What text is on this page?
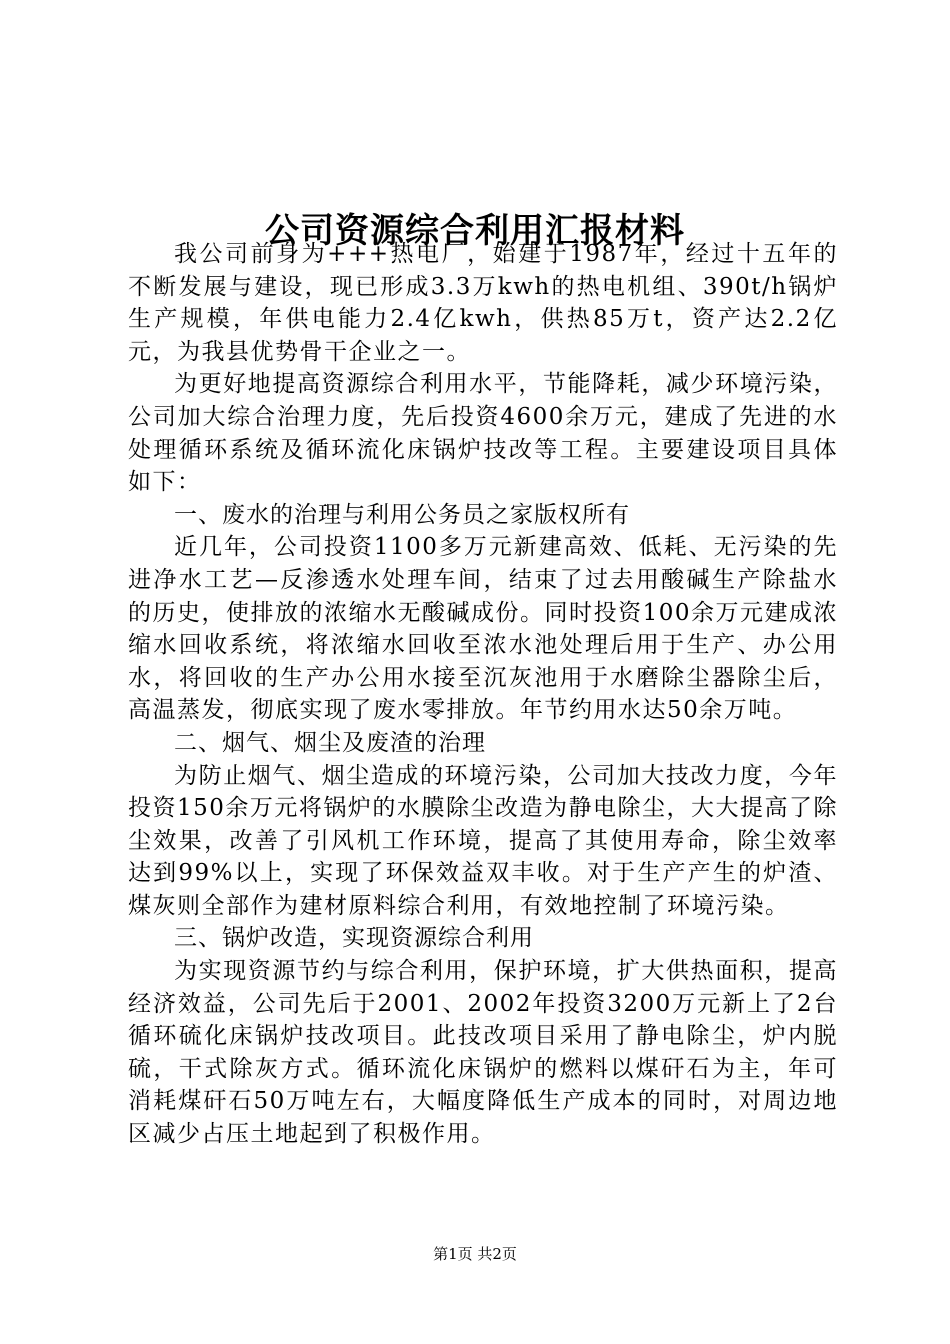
公司资源综合利用汇报材料

我公司前身为+++热电厂，始建于1987年，经过十五年的不断发展与建设，现已形成3.3万kwh的热电机组、390t/h锅炉生产规模，年供电能力2.4亿kwh，供热85万t，资产达2.2亿元，为我县优势骨干企业之一。

为更好地提高资源综合利用水平，节能降耗，减少环境污染，公司加大综合治理力度，先后投资4600余万元，建成了先进的水处理循环系统及循环流化床锅炉技改等工程。主要建设项目具体如下：

一、废水的治理与利用公务员之家版权所有

近几年，公司投资1100多万元新建高效、低耗、无污染的先进净水工艺—反渗透水处理车间，结束了过去用酸碱生产除盐水的历史，使排放的浓缩水无酸碱成份。同时投资100余万元建成浓缩水回收系统，将浓缩水回收至浓水池处理后用于生产、办公用水，将回收的生产办公用水接至沉灰池用于水磨除尘器除尘后，高温蒸发，彻底实现了废水零排放。年节约用水达50余万吨。

二、烟气、烟尘及废渣的治理

为防止烟气、烟尘造成的环境污染，公司加大技改力度，今年投资150余万元将锅炉的水膜除尘改造为静电除尘，大大提高了除尘效果，改善了引风机工作环境，提高了其使用寿命，除尘效率达到99%以上，实现了环保效益双丰收。对于生产产生的炉渣、煤灰则全部作为建材原料综合利用，有效地控制了环境污染。

三、锅炉改造，实现资源综合利用

为实现资源节约与综合利用，保护环境，扩大供热面积，提高经济效益，公司先后于2001、2002年投资3200万元新上了2台循环硫化床锅炉技改项目。此技改项目采用了静电除尘，炉内脱硫，干式除灰方式。循环流化床锅炉的燃料以煤矸石为主，年可消耗煤矸石50万吨左右，大幅度降低生产成本的同时，对周边地区减少占压土地起到了积极作用。

第1页 共2页
